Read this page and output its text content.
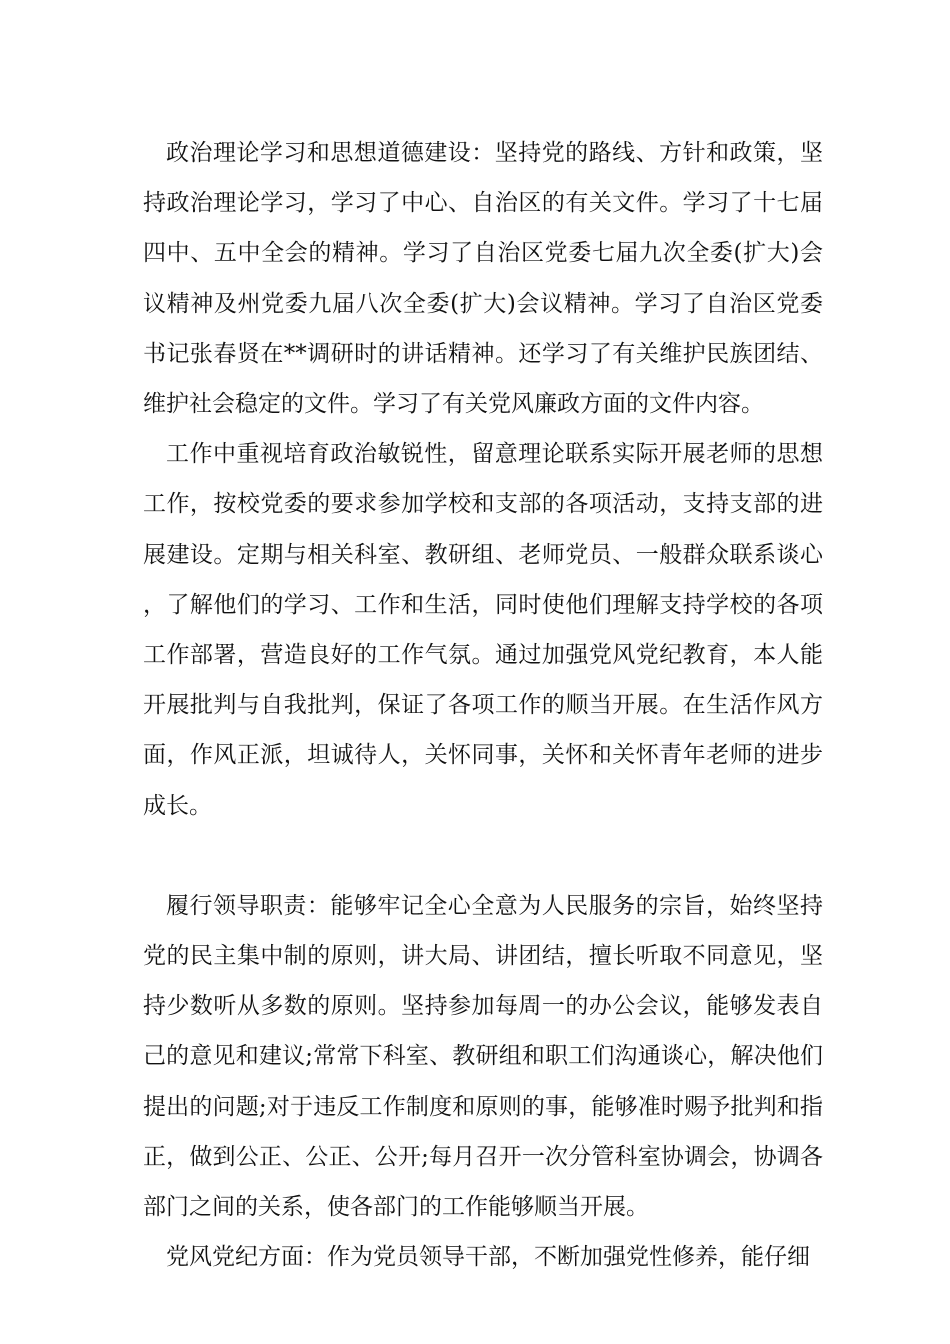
政治理论学习和思想道德建设：坚持党的路线、方针和政策，坚持政治理论学习，学习了中心、自治区的有关文件。学习了十七届四中、五中全会的精神。学习了自治区党委七届九次全委(扩大)会议精神及州党委九届八次全委(扩大)会议精神。学习了自治区党委书记张春贤在**调研时的讲话精神。还学习了有关维护民族团结、维护社会稳定的文件。学习了有关党风廉政方面的文件内容。

工作中重视培育政治敏锐性，留意理论联系实际开展老师的思想工作，按校党委的要求参加学校和支部的各项活动，支持支部的进展建设。定期与相关科室、教研组、老师党员、一般群众联系谈心，了解他们的学习、工作和生活，同时使他们理解支持学校的各项工作部署，营造良好的工作气氛。通过加强党风党纪教育，本人能开展批判与自我批判，保证了各项工作的顺当开展。在生活作风方面，作风正派，坦诚待人，关怀同事，关怀和关怀青年老师的进步成长。

履行领导职责：能够牢记全心全意为人民服务的宗旨，始终坚持党的民主集中制的原则，讲大局、讲团结，擅长听取不同意见，坚持少数听从多数的原则。坚持参加每周一的办公会议，能够发表自己的意见和建议;常常下科室、教研组和职工们沟通谈心，解决他们提出的问题;对于违反工作制度和原则的事，能够准时赐予批判和指正，做到公正、公正、公开;每月召开一次分管科室协调会，协调各部门之间的关系，使各部门的工作能够顺当开展。

党风党纪方面：作为党员领导干部，不断加强党性修养，能仔细
